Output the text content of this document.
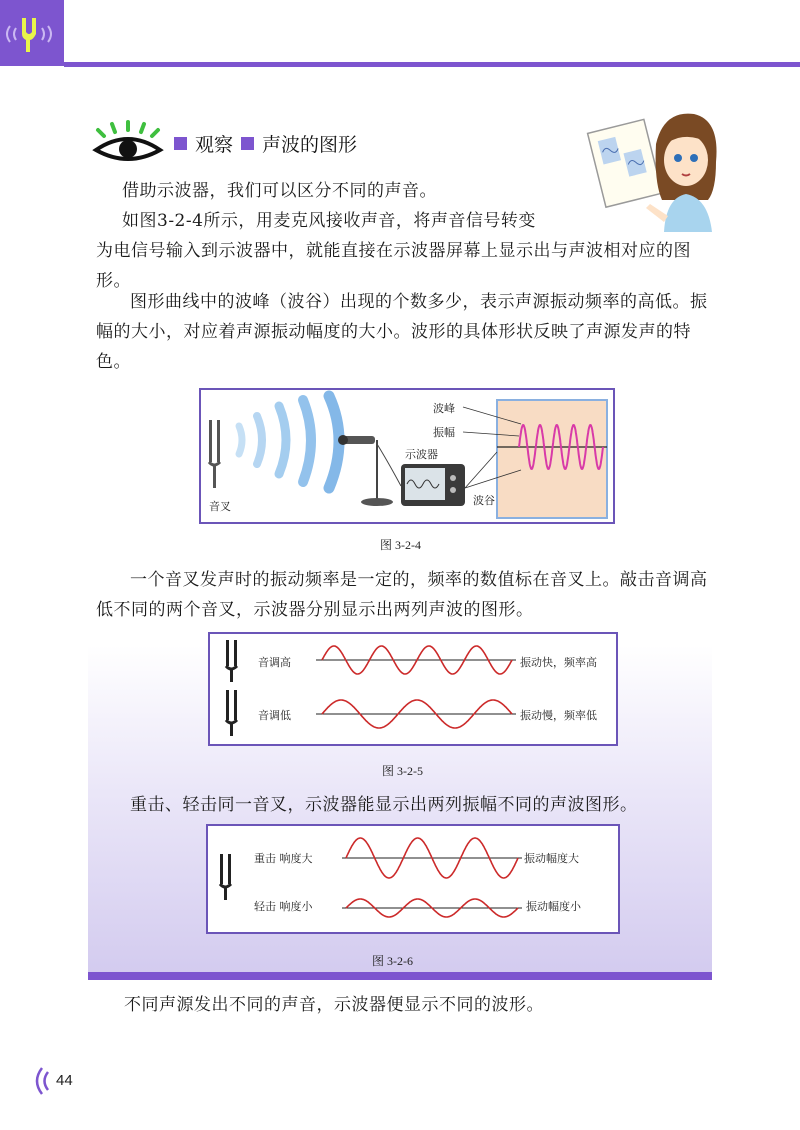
观察 声波的图形

借助示波器，我们可以区分不同的声音。

如图3-2-4所示，用麦克风接收声音，将声音信号转变

为电信号输入到示波器中，就能直接在示波器屏幕上显示出与声波相对应的图形。

图形曲线中的波峰（波谷）出现的个数多少，表示声源振动频率的高低。振幅的大小，对应着声源振动幅度的大小。波形的具体形状反映了声源发声的特色。

波峰
振幅
示波器
波谷
音叉
图 3-2-4

一个音叉发声时的振动频率是一定的，频率的数值标在音叉上。敲击音调高低不同的两个音叉，示波器分别显示出两列声波的图形。

音调高
音调低
振动快，频率高
振动慢，频率低
图 3-2-5

重击、轻击同一音叉，示波器能显示出两列振幅不同的声波图形。

重击 响度大
轻击 响度小
振动幅度大
振动幅度小
图 3-2-6

不同声源发出不同的声音，示波器便显示不同的波形。

44
